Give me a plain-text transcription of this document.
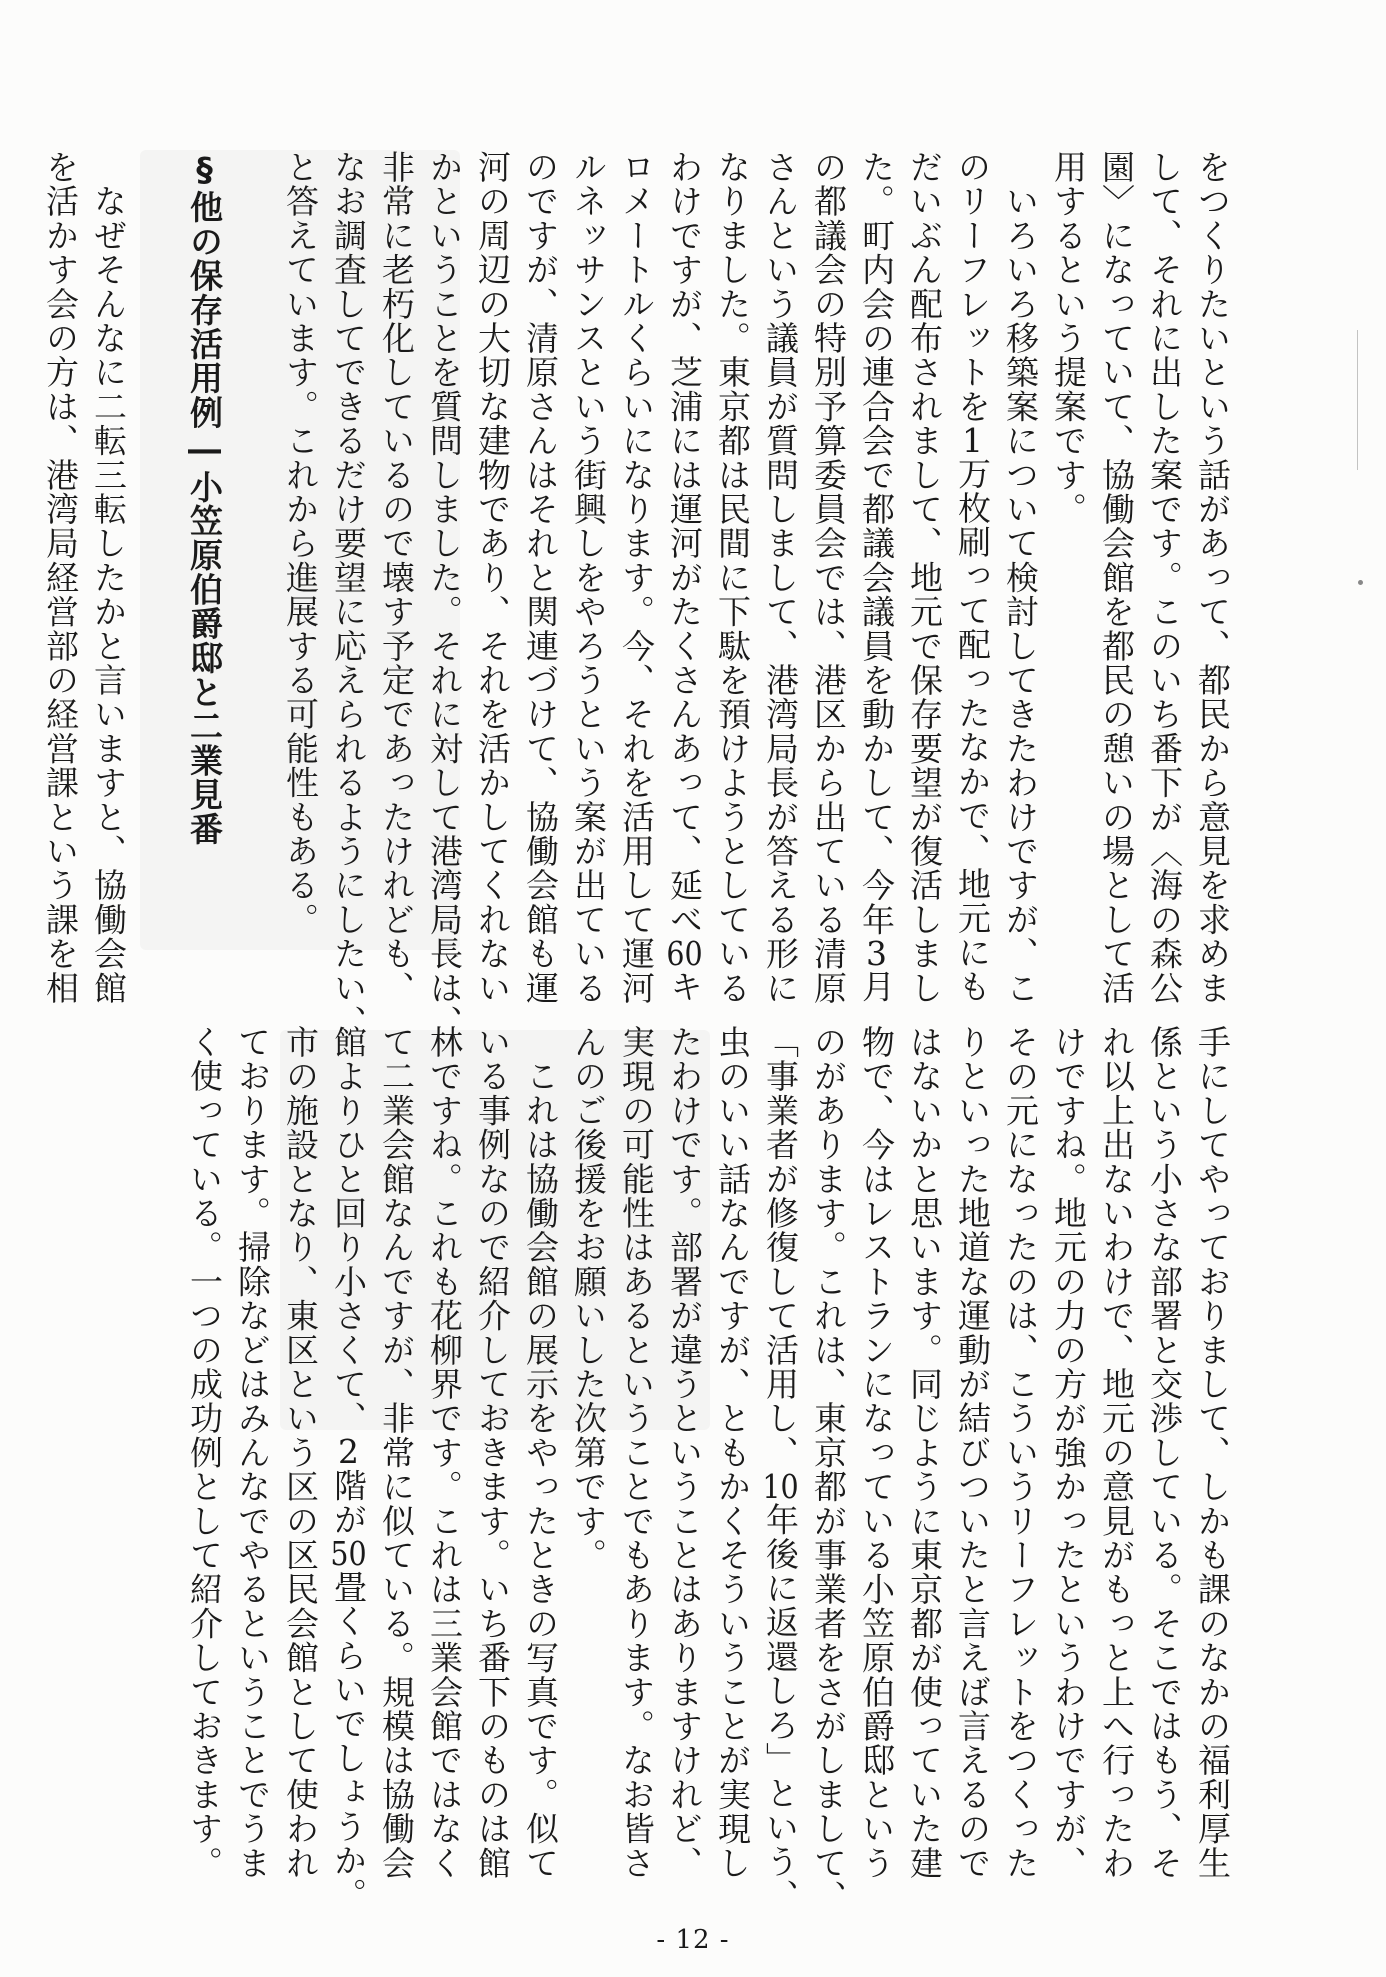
をつくりたいという話があって、都民から意見を求めま
して、それに出した案です。このいち番下が〈海の森公
園〉になっていて、協働会館を都民の憩いの場として活
用するという提案です。
　いろいろ移築案について検討してきたわけですが、こ
のリーフレットを1万枚刷って配ったなかで、地元にも
だいぶん配布されまして、地元で保存要望が復活しまし
た。町内会の連合会で都議会議員を動かして、今年3月
の都議会の特別予算委員会では、港区から出ている清原
さんという議員が質問しまして、港湾局長が答える形に
なりました。東京都は民間に下駄を預けようとしている
わけですが、芝浦には運河がたくさんあって、延べ60キ
ロメートルくらいになります。今、それを活用して運河
ルネッサンスという街興しをやろうという案が出ている
のですが、清原さんはそれと関連づけて、協働会館も運
河の周辺の大切な建物であり、それを活かしてくれない
かということを質問しました。それに対して港湾局長は、
非常に老朽化しているので壊す予定であったけれども、
なお調査してできるだけ要望に応えられるようにしたい、
と答えています。これから進展する可能性もある。
§他の保存活用例―小笠原伯爵邸と二業見番
　なぜそんなに二転三転したかと言いますと、協働会館
を活かす会の方は、港湾局経営部の経営課という課を相
手にしてやっておりまして、しかも課のなかの福利厚生
係という小さな部署と交渉している。そこではもう、そ
れ以上出ないわけで、地元の意見がもっと上へ行ったわ
けですね。地元の力の方が強かったというわけですが、
その元になったのは、こういうリーフレットをつくった
りといった地道な運動が結びついたと言えば言えるので
はないかと思います。同じように東京都が使っていた建
物で、今はレストランになっている小笠原伯爵邸という
のがあります。これは、東京都が事業者をさがしまして、
「事業者が修復して活用し、10年後に返還しろ」という、
虫のいい話なんですが、ともかくそういうことが実現し
たわけです。部署が違うということはありますけれど、
実現の可能性はあるということでもあります。なお皆さ
んのご後援をお願いした次第です。
　これは協働会館の展示をやったときの写真です。似て
いる事例なので紹介しておきます。いち番下のものは館
林ですね。これも花柳界です。これは三業会館ではなく
て二業会館なんですが、非常に似ている。規模は協働会
館よりひと回り小さくて、2階が50畳くらいでしょうか。
市の施設となり、東区という区の区民会館として使われ
ております。掃除などはみんなでやるということでうま
く使っている。一つの成功例として紹介しておきます。
- 12 -
